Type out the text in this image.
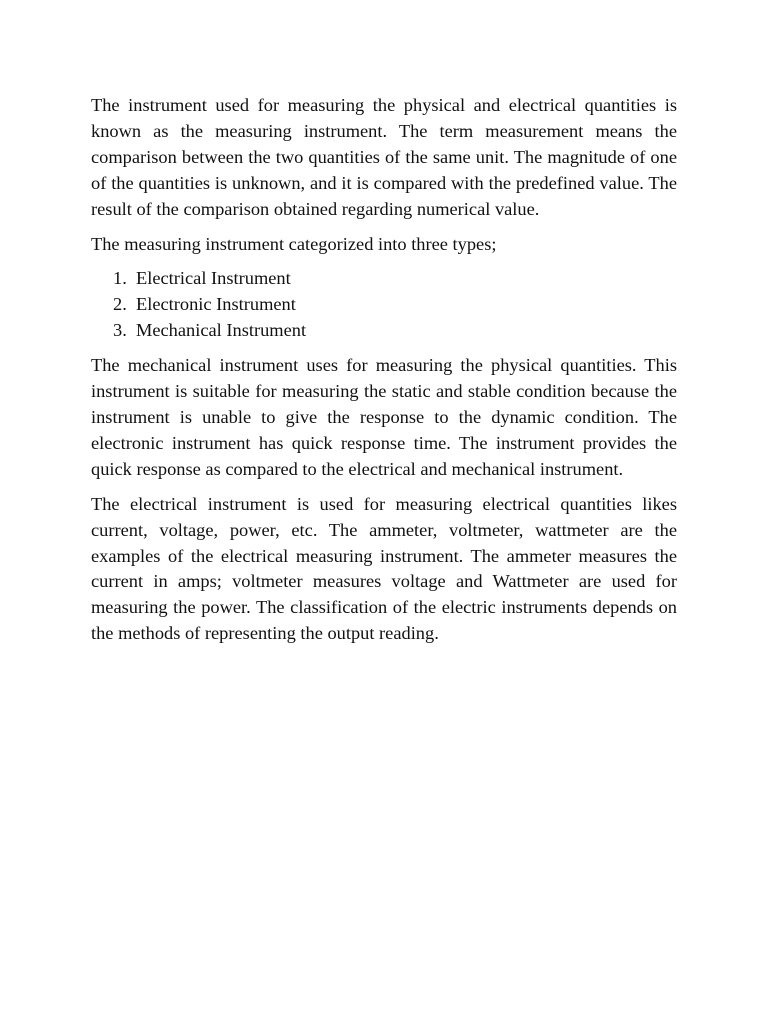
The instrument used for measuring the physical and electrical quantities is known as the measuring instrument. The term measurement means the comparison between the two quantities of the same unit. The magnitude of one of the quantities is unknown, and it is compared with the predefined value. The result of the comparison obtained regarding numerical value.

The measuring instrument categorized into three types;

1. Electrical Instrument
2. Electronic Instrument
3. Mechanical Instrument

The mechanical instrument uses for measuring the physical quantities. This instrument is suitable for measuring the static and stable condition because the instrument is unable to give the response to the dynamic condition. The electronic instrument has quick response time. The instrument provides the quick response as compared to the electrical and mechanical instrument.

The electrical instrument is used for measuring electrical quantities likes current, voltage, power, etc. The ammeter, voltmeter, wattmeter are the examples of the electrical measuring instrument. The ammeter measures the current in amps; voltmeter measures voltage and Wattmeter are used for measuring the power. The classification of the electric instruments depends on the methods of representing the output reading.
